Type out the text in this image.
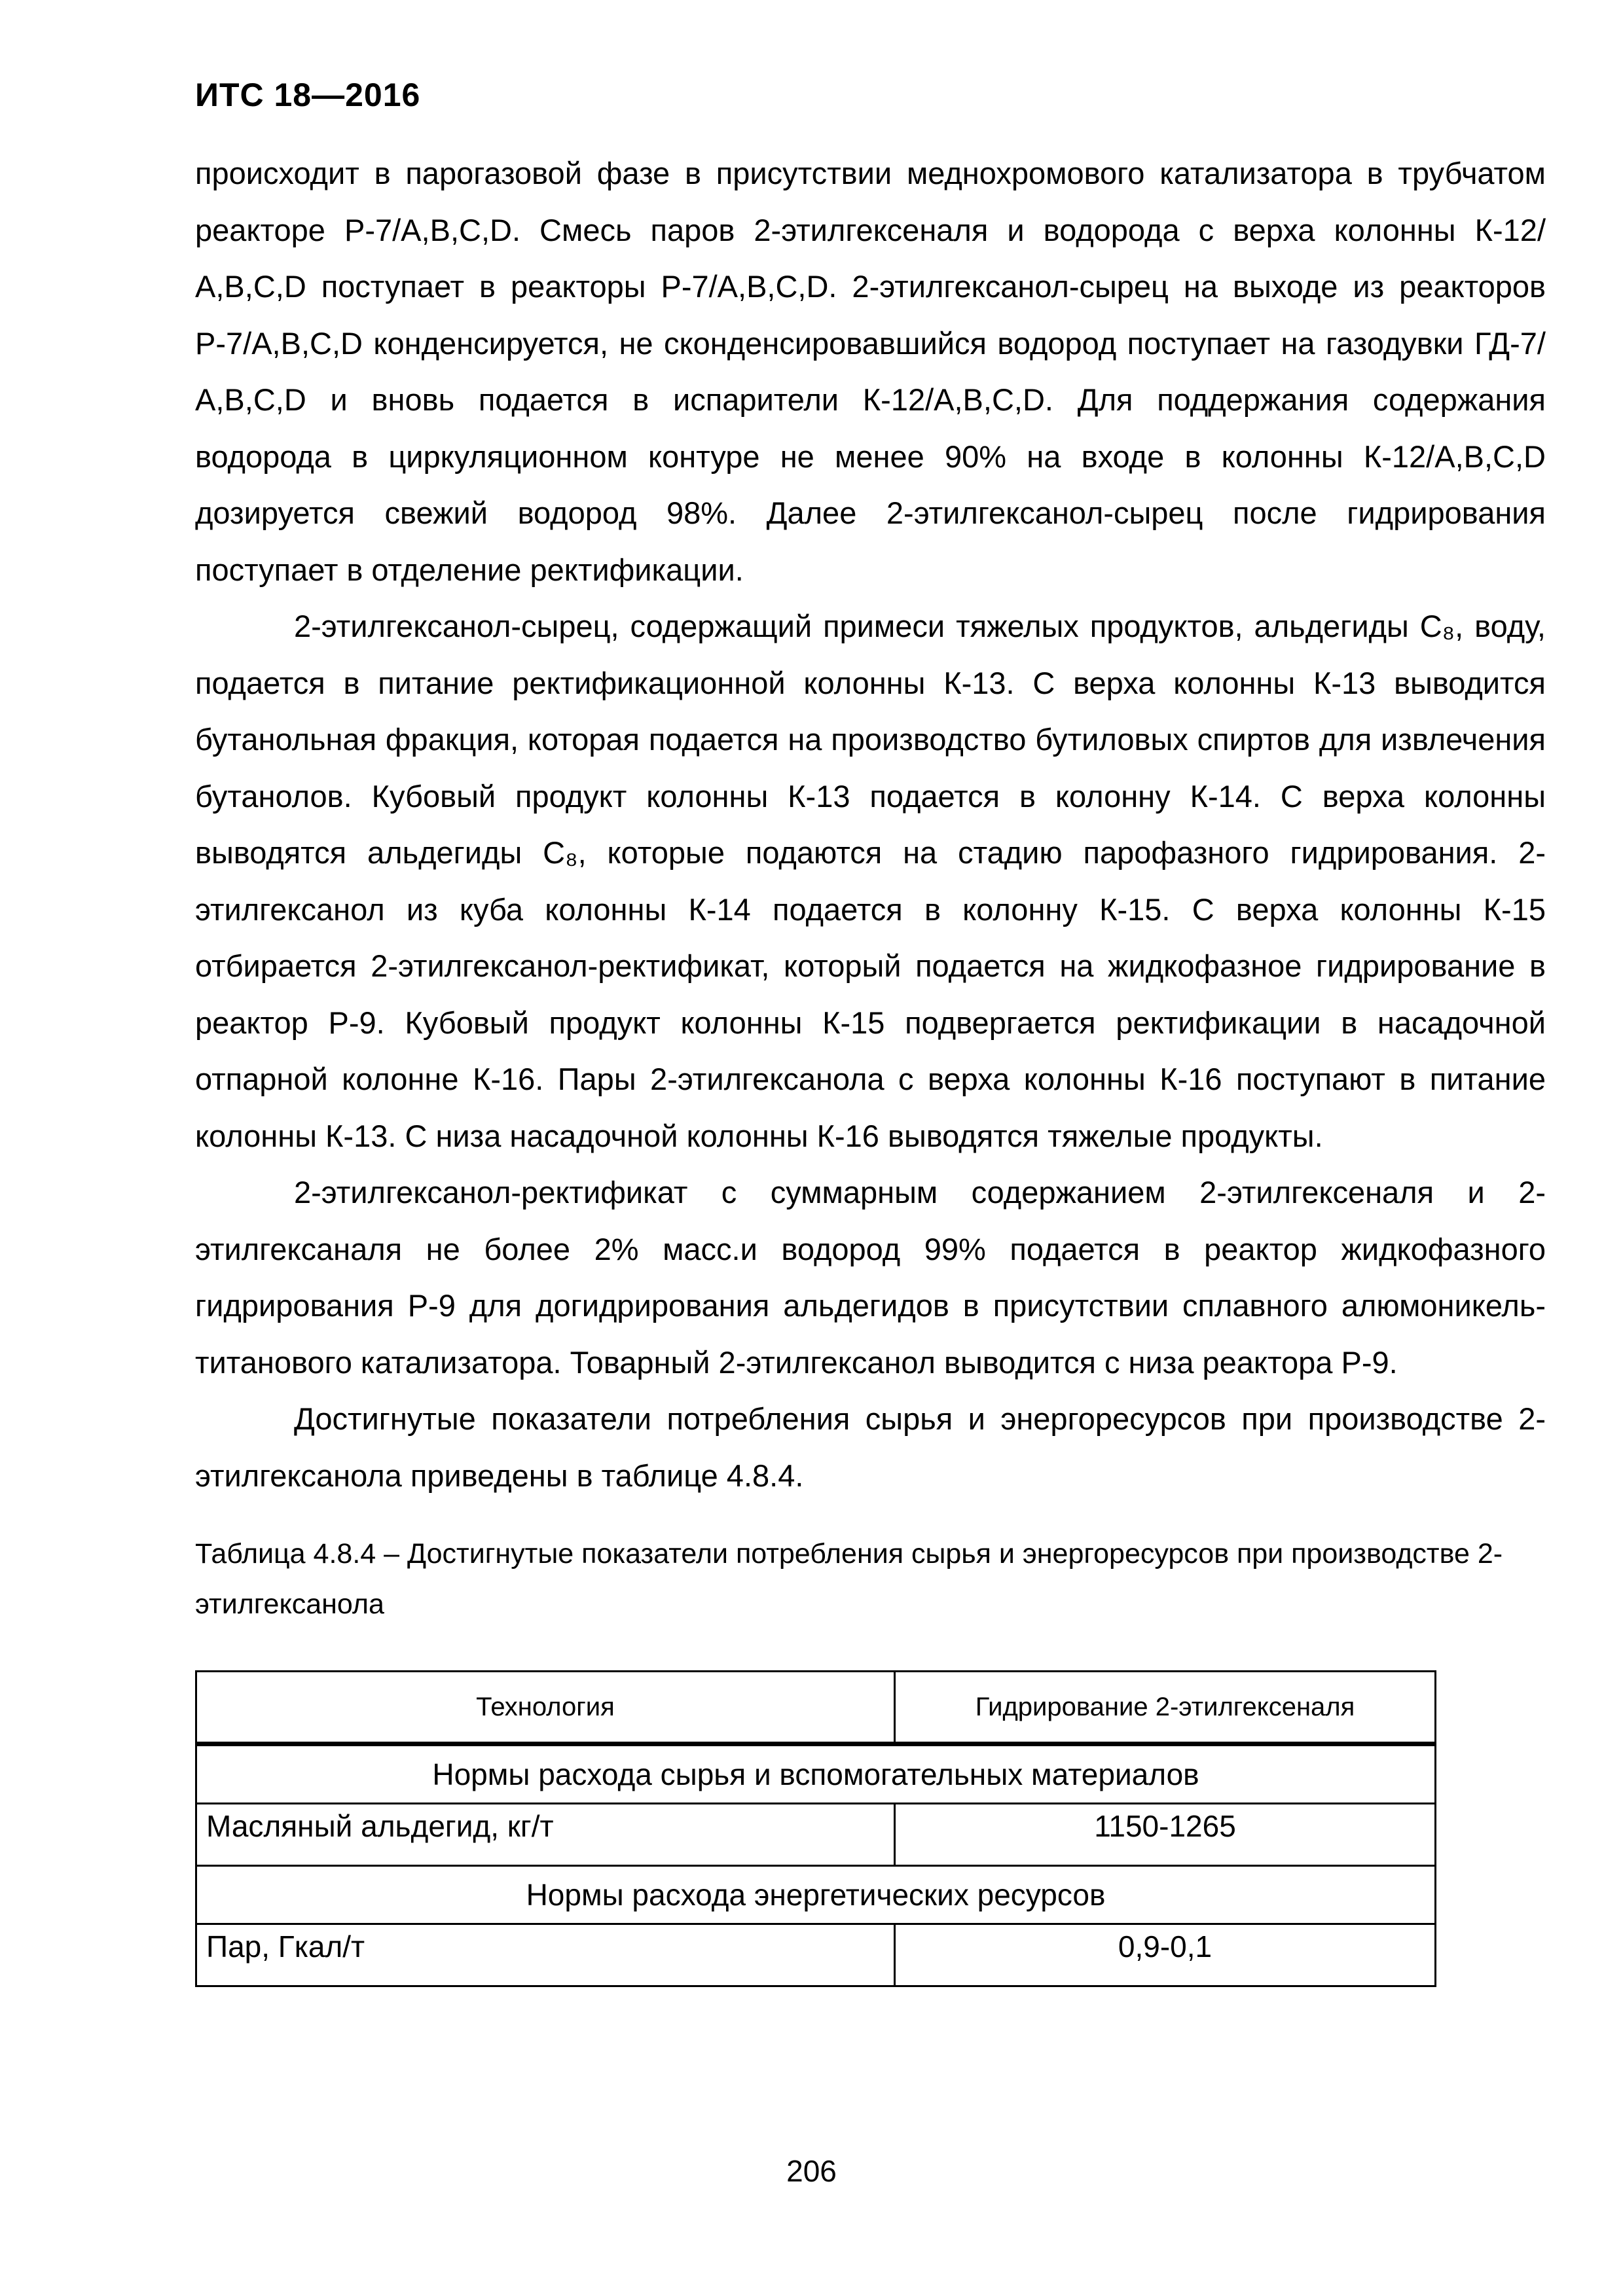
ИТС 18—2016

происходит в парогазовой фазе в присутствии меднохромового катализатора в трубчатом реакторе Р-7/А,В,С,D. Смесь паров 2-этилгексеналя и водорода с верха колонны К-12/А,В,С,D поступает в реакторы Р-7/А,В,С,D. 2-этилгексанол-сырец на выходе из реакторов Р-7/А,В,С,D конденсируется, не сконденсировавшийся водород поступает на газодувки ГД-7/А,В,С,D и вновь подается в испарители К-12/А,В,С,D. Для поддержания содержания водорода в циркуляционном контуре не менее 90% на входе в колонны К-12/А,В,С,D дозируется свежий водород 98%. Далее 2-этилгексанол-сырец после гидрирования поступает в отделение ректификации.

2-этилгексанол-сырец, содержащий примеси тяжелых продуктов, альдегиды С₈, воду, подается в питание ректификационной колонны К-13. С верха колонны К-13 выводится бутанольная фракция, которая подается на производство бутиловых спиртов для извлечения бутанолов. Кубовый продукт колонны К-13 подается в колонну К-14. С верха колонны выводятся альдегиды С₈, которые подаются на стадию парофазного гидрирования. 2-этилгексанол из куба колонны К-14 подается в колонну К-15. С верха колонны К-15 отбирается 2-этилгексанол-ректификат, который подается на жидкофазное гидрирование в реактор Р-9. Кубовый продукт колонны К-15 подвергается ректификации в насадочной отпарной колонне К-16. Пары 2-этилгексанола с верха колонны К-16 поступают в питание колонны К-13. С низа насадочной колонны К-16 выводятся тяжелые продукты.

2-этилгексанол-ректификат с суммарным содержанием 2-этилгексеналя и 2-этилгексаналя не более 2% масс.и водород 99% подается в реактор жидкофазного гидрирования Р-9 для догидрирования альдегидов в присутствии сплавного алюмоникель-титанового катализатора. Товарный 2-этилгексанол выводится с низа реактора Р-9.

Достигнутые показатели потребления сырья и энергоресурсов при производстве 2-этилгексанола приведены в таблице 4.8.4.

Таблица 4.8.4 – Достигнутые показатели потребления сырья и энергоресурсов при производстве 2-этилгексанола

Технология	Гидрирование 2-этилгексеналя
Нормы расхода сырья и вспомогательных материалов	
Масляный альдегид, кг/т	1150-1265
Нормы расхода энергетических ресурсов	
Пар, Гкал/т	0,9-0,1
206
